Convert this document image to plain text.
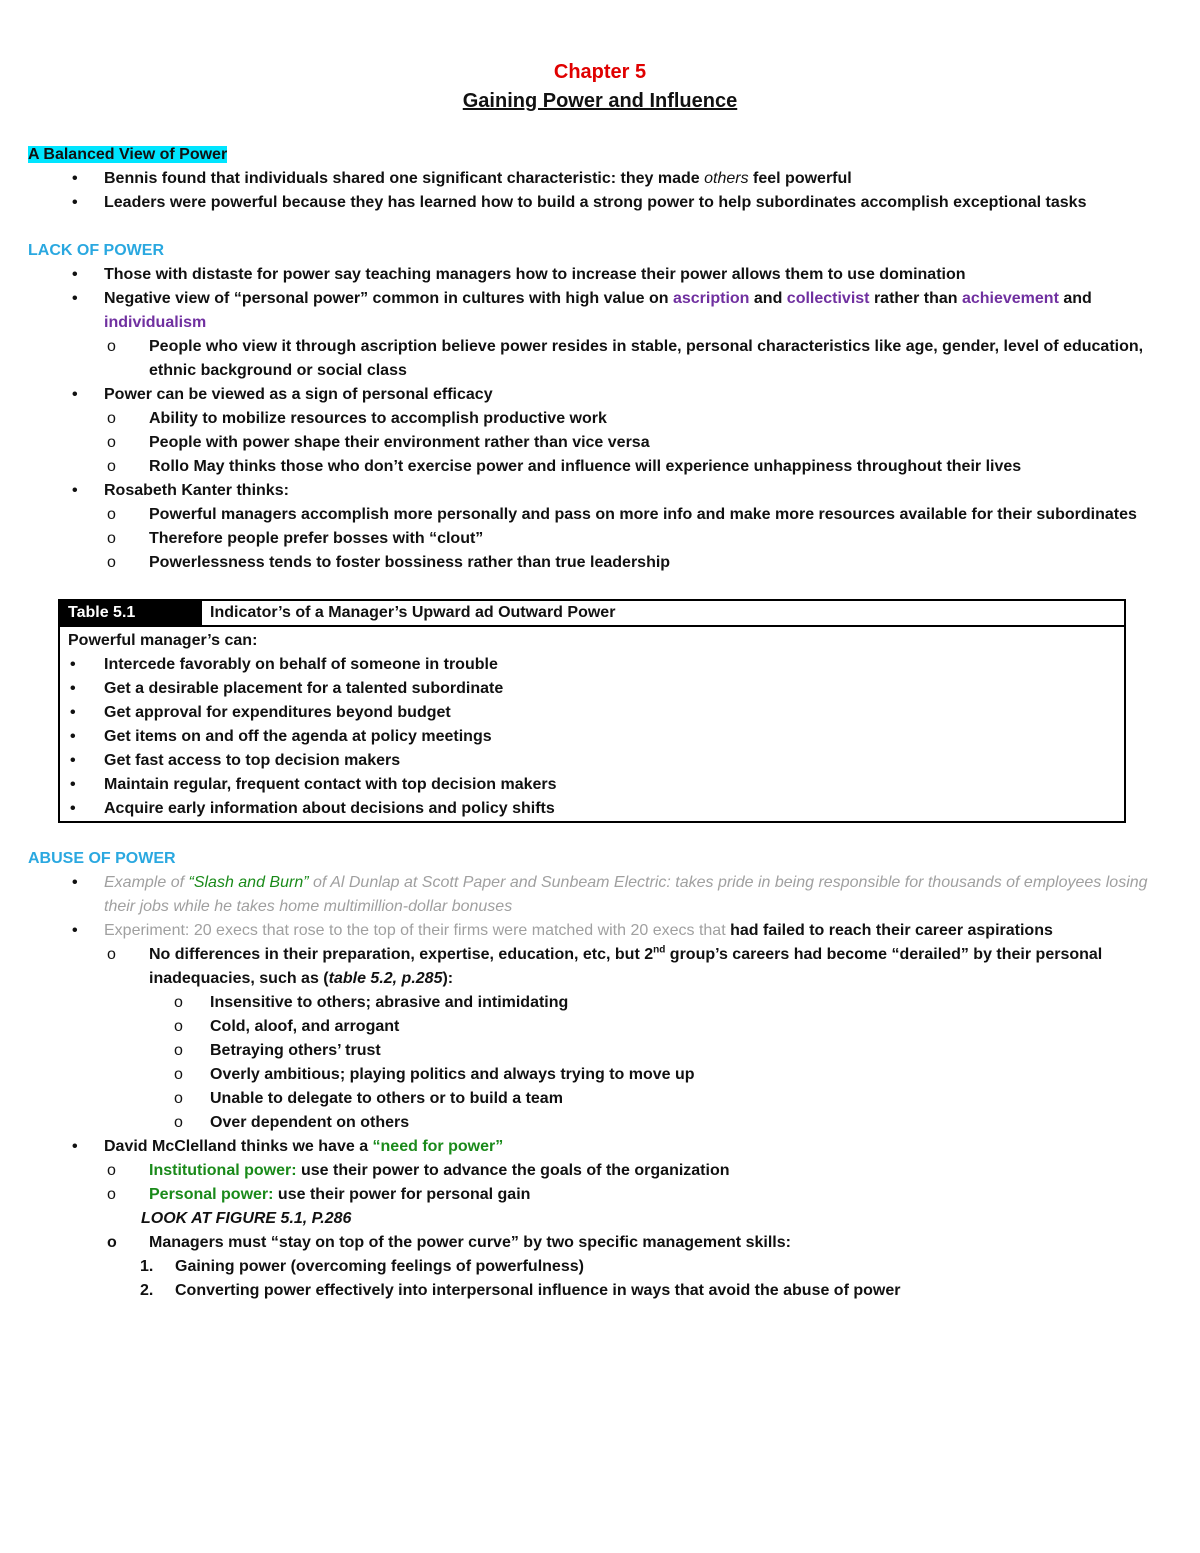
Chapter 5
Gaining Power and Influence
A Balanced View of Power
• Bennis found that individuals shared one significant characteristic: they made others feel powerful
• Leaders were powerful because they has learned how to build a strong power to help subordinates accomplish exceptional tasks
LACK OF POWER
• Those with distaste for power say teaching managers how to increase their power allows them to use domination
• Negative view of “personal power” common in cultures with high value on ascription and collectivist rather than achievement and individualism
o People who view it through ascription believe power resides in stable, personal characteristics like age, gender, level of education, ethnic background or social class
• Power can be viewed as a sign of personal efficacy
o Ability to mobilize resources to accomplish productive work
o People with power shape their environment rather than vice versa
o Rollo May thinks those who don’t exercise power and influence will experience unhappiness throughout their lives
• Rosabeth Kanter thinks:
o Powerful managers accomplish more personally and pass on more info and make more resources available for their subordinates
o Therefore people prefer bosses with “clout”
o Powerlessness tends to foster bossiness rather than true leadership
Table 5.1	Indicator’s of a Manager’s Upward ad Outward Power
Powerful manager’s can:
• Intercede favorably on behalf of someone in trouble
• Get a desirable placement for a talented subordinate
• Get approval for expenditures beyond budget
• Get items on and off the agenda at policy meetings
• Get fast access to top decision makers
• Maintain regular, frequent contact with top decision makers
• Acquire early information about decisions and policy shifts
ABUSE OF POWER
• Example of “Slash and Burn” of Al Dunlap at Scott Paper and Sunbeam Electric: takes pride in being responsible for thousands of employees losing their jobs while he takes home multimillion-dollar bonuses
• Experiment: 20 execs that rose to the top of their firms were matched with 20 execs that had failed to reach their career aspirations
o No differences in their preparation, expertise, education, etc, but 2nd group’s careers had become “derailed” by their personal inadequacies, such as (table 5.2, p.285):
o Insensitive to others; abrasive and intimidating
o Cold, aloof, and arrogant
o Betraying others’ trust
o Overly ambitious; playing politics and always trying to move up
o Unable to delegate to others or to build a team
o Over dependent on others
• David McClelland thinks we have a “need for power”
o Institutional power: use their power to advance the goals of the organization
o Personal power: use their power for personal gain
LOOK AT FIGURE 5.1, P.286
o Managers must “stay on top of the power curve” by two specific management skills:
1. Gaining power (overcoming feelings of powerfulness)
2. Converting power effectively into interpersonal influence in ways that avoid the abuse of power
